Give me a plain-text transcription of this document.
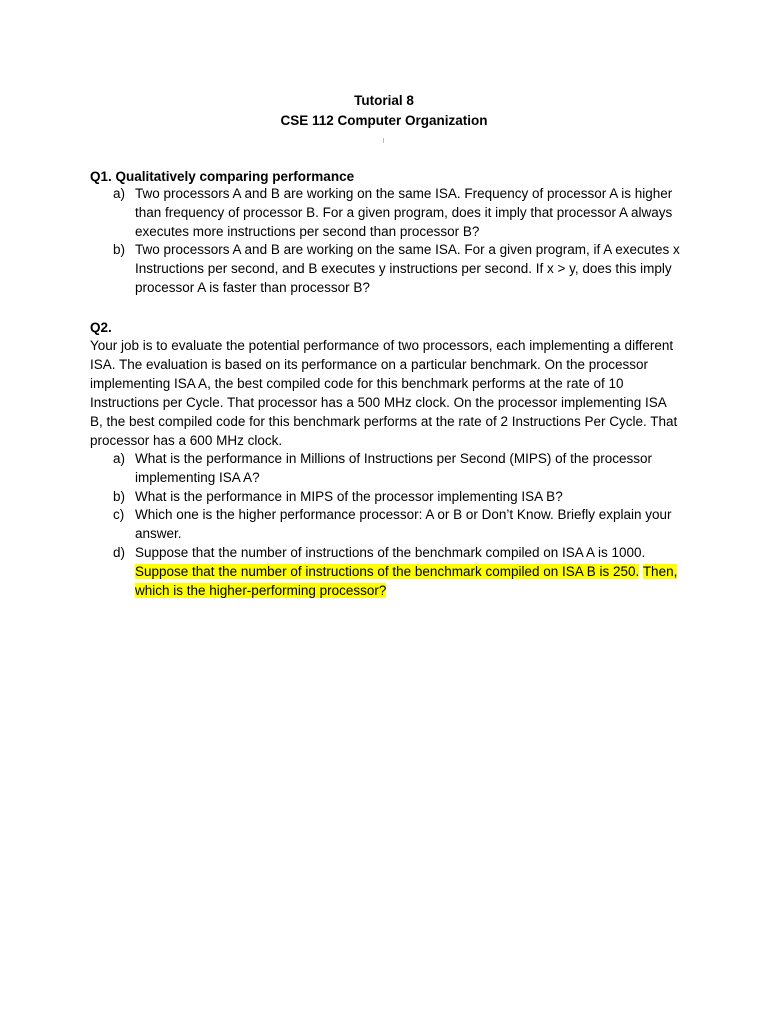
Tutorial 8

CSE 112 Computer Organization

Q1. Qualitatively comparing performance

a) Two processors A and B are working on the same ISA. Frequency of processor A is higher than frequency of processor B. For a given program, does it imply that processor A always executes more instructions per second than processor B?
b) Two processors A and B are working on the same ISA. For a given program, if A executes x Instructions per second, and B executes y instructions per second. If x > y, does this imply processor A is faster than processor B?

Q2.

Your job is to evaluate the potential performance of two processors, each implementing a different ISA. The evaluation is based on its performance on a particular benchmark. On the processor implementing ISA A, the best compiled code for this benchmark performs at the rate of 10 Instructions per Cycle. That processor has a 500 MHz clock. On the processor implementing ISA B, the best compiled code for this benchmark performs at the rate of 2 Instructions Per Cycle. That processor has a 600 MHz clock.

a) What is the performance in Millions of Instructions per Second (MIPS) of the processor implementing ISA A?
b) What is the performance in MIPS of the processor implementing ISA B?
c) Which one is the higher performance processor: A or B or Don’t Know. Briefly explain your answer.
d) Suppose that the number of instructions of the benchmark compiled on ISA A is 1000. Suppose that the number of instructions of the benchmark compiled on ISA B is 250. Then, which is the higher-performing processor?
